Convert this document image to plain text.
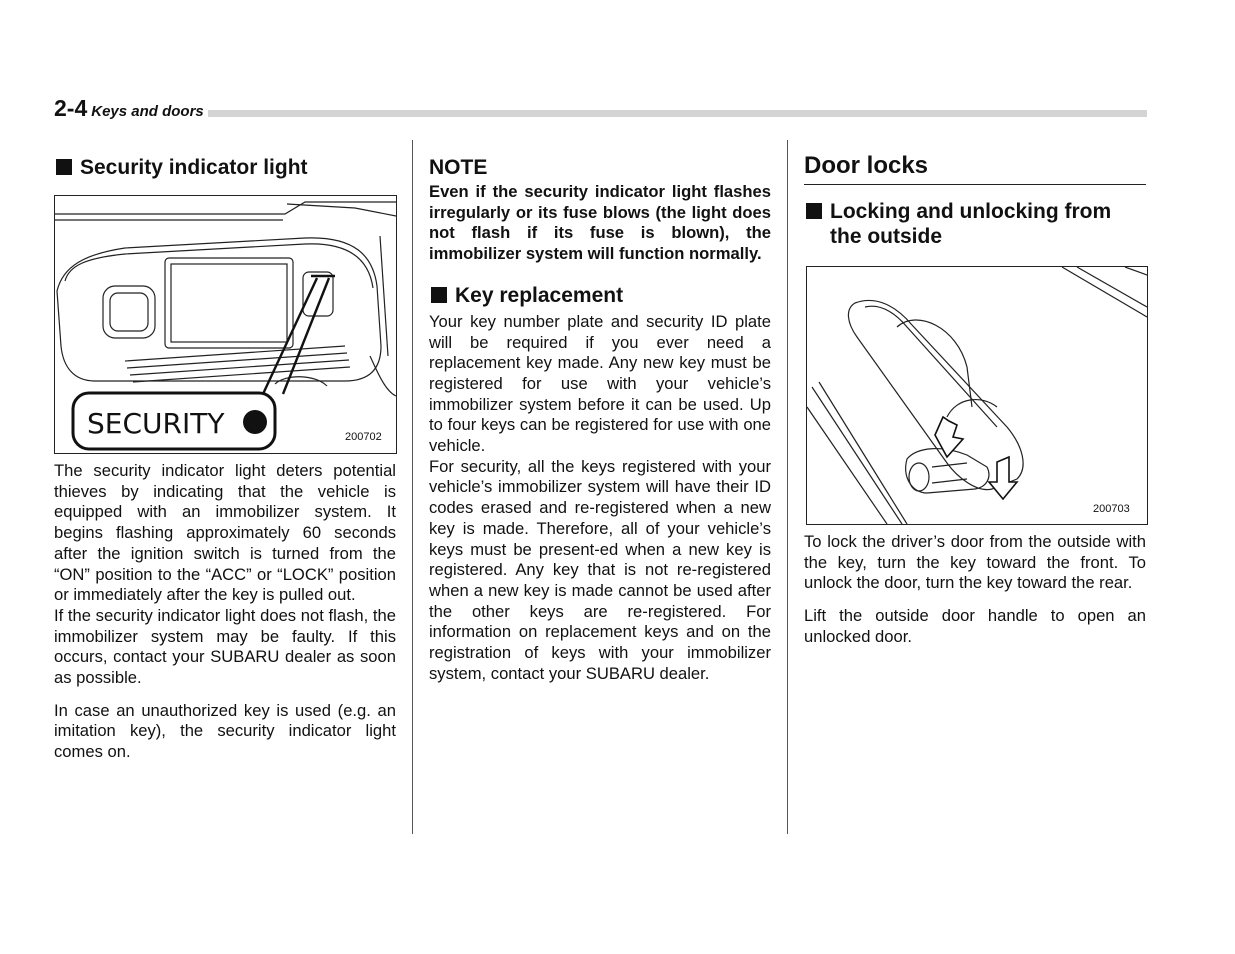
2-4 Keys and doors
Security indicator light
SECURITY	200702

The security indicator light deters potential thieves by indicating that the vehicle is equipped with an immobilizer system. It begins flashing approximately 60 seconds after the ignition switch is turned from the “ON” position to the “ACC” or “LOCK” position or immediately after the key is pulled out.

If the security indicator light does not flash, the immobilizer system may be faulty. If this occurs, contact your SUBARU dealer as soon as possible.

In case an unauthorized key is used (e.g. an imitation key), the security indicator light comes on.

NOTE

Even if the security indicator light flashes irregularly or its fuse blows (the light does not flash if its fuse is blown), the immobilizer system will function normally.

Key replacement

Your key number plate and security ID plate will be required if you ever need a replacement key made. Any new key must be registered for use with your vehicle’s immobilizer system before it can be used. Up to four keys can be registered for use with one vehicle.

For security, all the keys registered with your vehicle’s immobilizer system will have their ID codes erased and re-registered when a new key is made. Therefore, all of your vehicle’s keys must be present-ed when a new key is registered. Any key that is not re-registered when a new key is made cannot be used after the other keys are re-registered. For information on replacement keys and on the registration of keys with your immobilizer system, contact your SUBARU dealer.

Door locks
Locking and unlocking from the outside
200703

To lock the driver’s door from the outside with the key, turn the key toward the front. To unlock the door, turn the key toward the rear.

Lift the outside door handle to open an unlocked door.
